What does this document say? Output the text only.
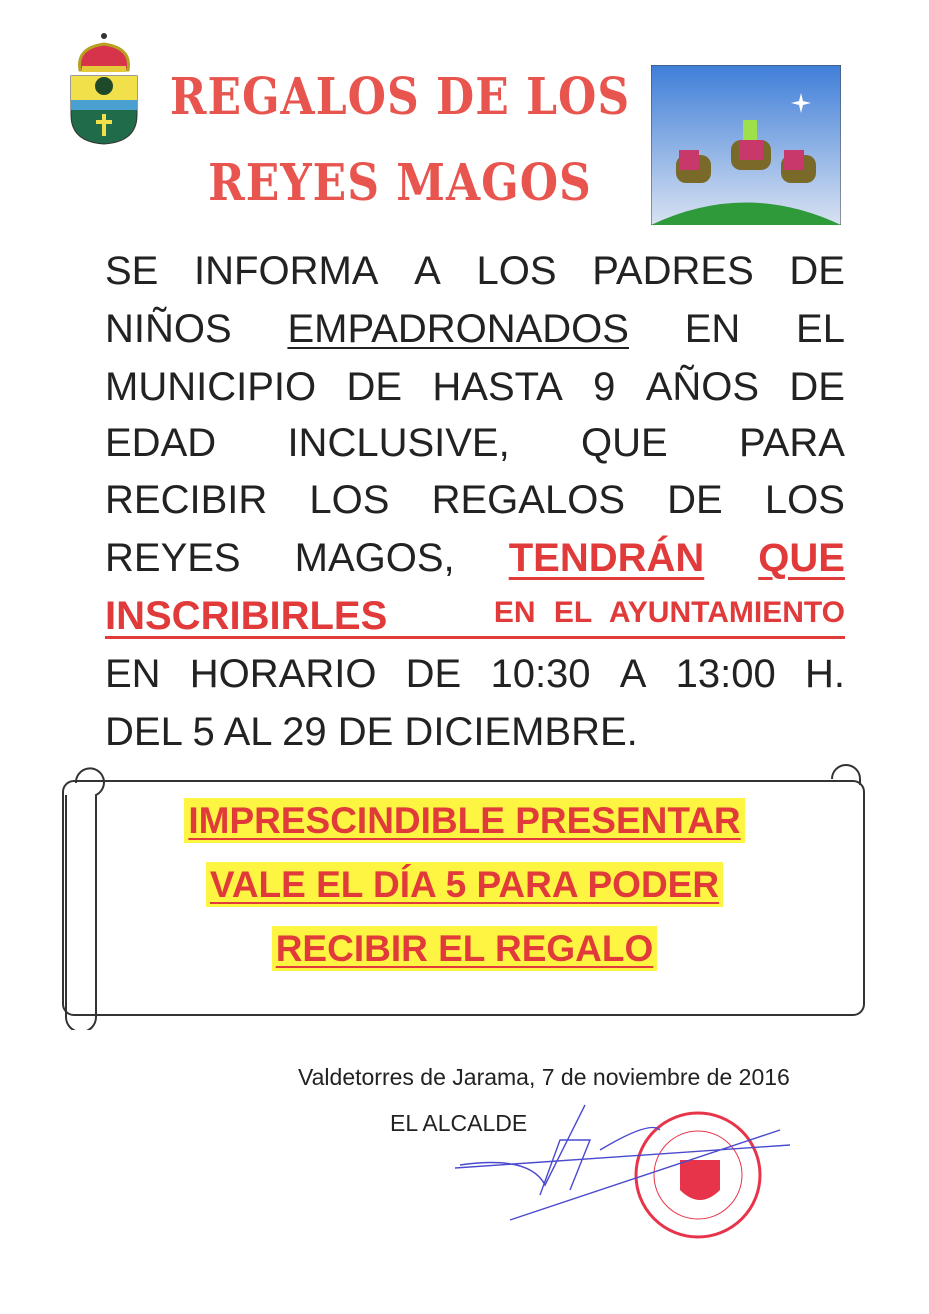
REGALOS DE LOS
REYES MAGOS
SE INFORMA A LOS PADRES DE
NIÑOS EMPADRONADOS EN EL
MUNICIPIO DE HASTA 9 AÑOS DE
EDAD INCLUSIVE, QUE PARA
RECIBIR LOS REGALOS DE LOS
REYES MAGOS, TENDRÁN QUE
INSCRIBIRLES	EN EL AYUNTAMIENTO
EN HORARIO DE 10:30 A 13:00 H.
DEL 5 AL 29 DE DICIEMBRE.
IMPRESCINDIBLE PRESENTAR
VALE EL DÍA 5 PARA PODER
RECIBIR EL REGALO
Valdetorres de Jarama, 7 de noviembre de 2016
EL ALCALDE
